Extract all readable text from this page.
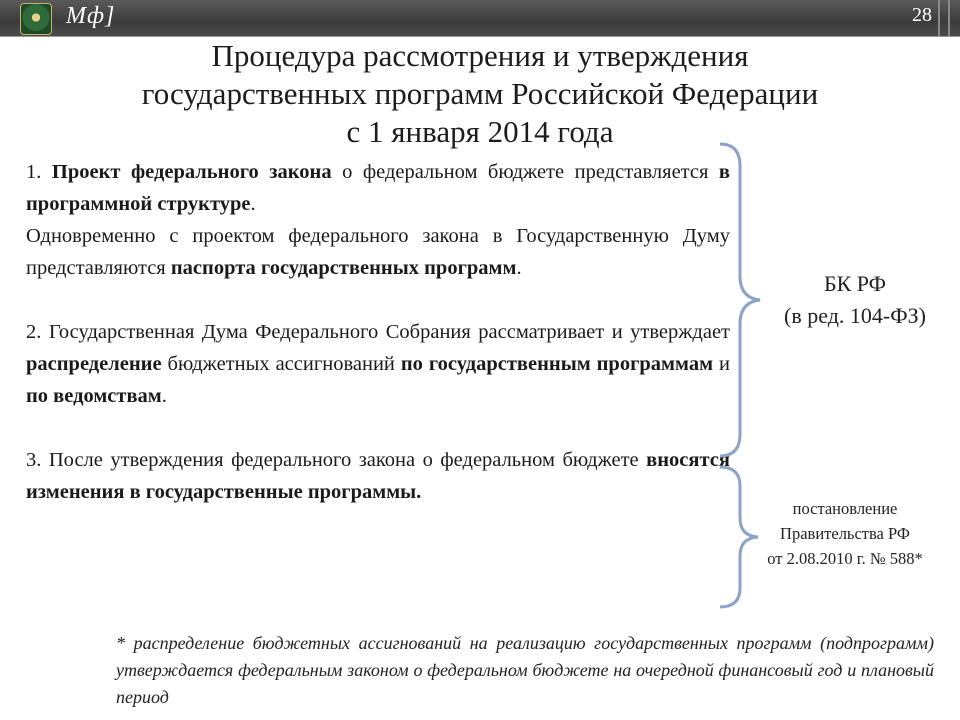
Мф]	28
Процедура рассмотрения и утверждения
государственных программ Российской Федерации
с 1 января 2014 года

1. Проект федерального закона о федеральном бюджете представляется в программной структуре.

Одновременно с проектом федерального закона в Государственную Думу представляются паспорта государственных программ.

2. Государственная Дума Федерального Собрания рассматривает и утверждает распределение бюджетных ассигнований по государственным программам и по ведомствам.

3. После утверждения федерального закона о федеральном бюджете вносятся изменения в государственные программы.

БК РФ
(в ред. 104-ФЗ)
постановление
Правительства РФ
от 2.08.2010 г. № 588*
* распределение бюджетных ассигнований на реализацию государственных программ (подпрограмм) утверждается федеральным законом о федеральном бюджете на очередной финансовый год и плановый период
